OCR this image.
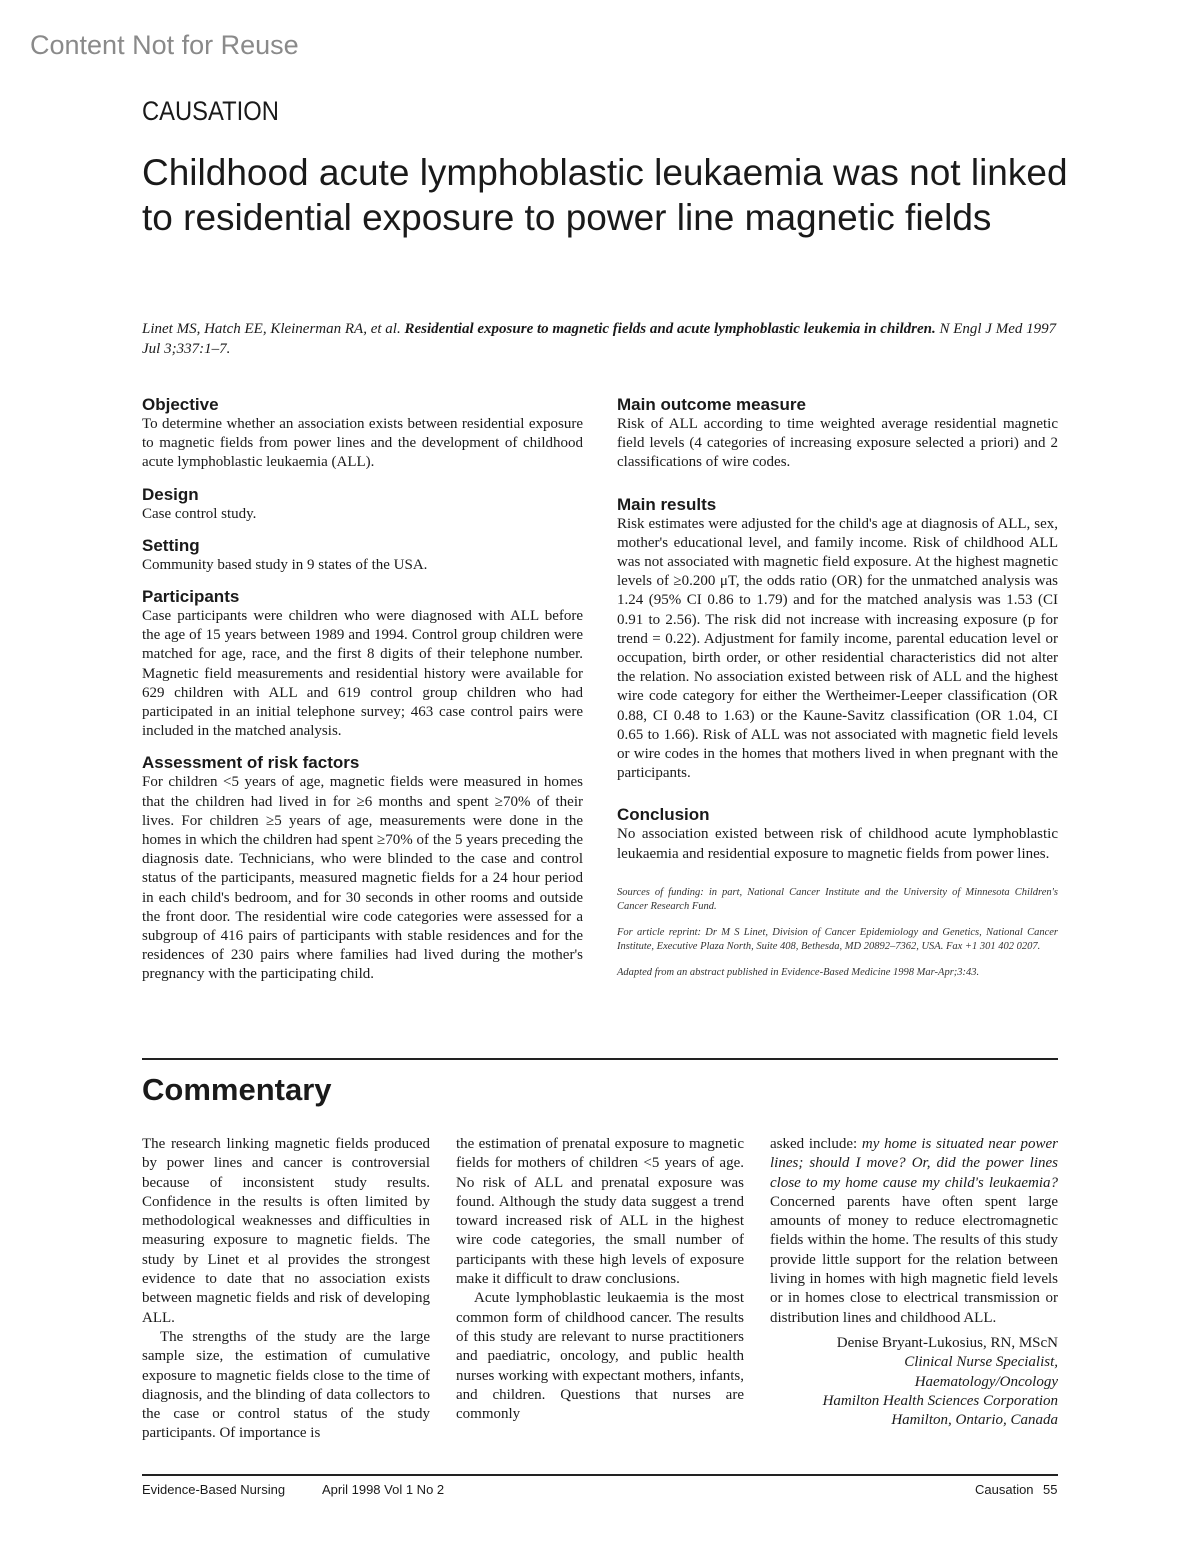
Content Not for Reuse
CAUSATION
Childhood acute lymphoblastic leukaemia was not linked to residential exposure to power line magnetic fields
Linet MS, Hatch EE, Kleinerman RA, et al. Residential exposure to magnetic fields and acute lymphoblastic leukemia in children. N Engl J Med 1997 Jul 3;337:1–7.
Objective

To determine whether an association exists between residential exposure to magnetic fields from power lines and the development of childhood acute lymphoblastic leukaemia (ALL).

Design

Case control study.

Setting

Community based study in 9 states of the USA.

Participants

Case participants were children who were diagnosed with ALL before the age of 15 years between 1989 and 1994. Control group children were matched for age, race, and the first 8 digits of their telephone number. Magnetic field measurements and residential history were available for 629 children with ALL and 619 control group children who had participated in an initial telephone survey; 463 case control pairs were included in the matched analysis.

Assessment of risk factors

For children <5 years of age, magnetic fields were measured in homes that the children had lived in for ≥6 months and spent ≥70% of their lives. For children ≥5 years of age, measurements were done in the homes in which the children had spent ≥70% of the 5 years preceding the diagnosis date. Technicians, who were blinded to the case and control status of the participants, measured magnetic fields for a 24 hour period in each child's bedroom, and for 30 seconds in other rooms and outside the front door. The residential wire code categories were assessed for a subgroup of 416 pairs of participants with stable residences and for the residences of 230 pairs where families had lived during the mother's pregnancy with the participating child.

Main outcome measure

Risk of ALL according to time weighted average residential magnetic field levels (4 categories of increasing exposure selected a priori) and 2 classifications of wire codes.

Main results

Risk estimates were adjusted for the child's age at diagnosis of ALL, sex, mother's educational level, and family income. Risk of childhood ALL was not associated with magnetic field exposure. At the highest magnetic levels of ≥0.200 μT, the odds ratio (OR) for the unmatched analysis was 1.24 (95% CI 0.86 to 1.79) and for the matched analysis was 1.53 (CI 0.91 to 2.56). The risk did not increase with increasing exposure (p for trend = 0.22). Adjustment for family income, parental education level or occupation, birth order, or other residential characteristics did not alter the relation. No association existed between risk of ALL and the highest wire code category for either the Wertheimer-Leeper classification (OR 0.88, CI 0.48 to 1.63) or the Kaune-Savitz classification (OR 1.04, CI 0.65 to 1.66). Risk of ALL was not associated with magnetic field levels or wire codes in the homes that mothers lived in when pregnant with the participants.

Conclusion

No association existed between risk of childhood acute lymphoblastic leukaemia and residential exposure to magnetic fields from power lines.

Sources of funding: in part, National Cancer Institute and the University of Minnesota Children's Cancer Research Fund.

For article reprint: Dr M S Linet, Division of Cancer Epidemiology and Genetics, National Cancer Institute, Executive Plaza North, Suite 408, Bethesda, MD 20892–7362, USA. Fax +1 301 402 0207.

Adapted from an abstract published in Evidence-Based Medicine 1998 Mar-Apr;3:43.

Commentary

The research linking magnetic fields produced by power lines and cancer is controversial because of inconsistent study results. Confidence in the results is often limited by methodological weaknesses and difficulties in measuring exposure to magnetic fields. The study by Linet et al provides the strongest evidence to date that no association exists between magnetic fields and risk of developing ALL.

The strengths of the study are the large sample size, the estimation of cumulative exposure to magnetic fields close to the time of diagnosis, and the blinding of data collectors to the case or control status of the study participants. Of importance is

the estimation of prenatal exposure to magnetic fields for mothers of children <5 years of age. No risk of ALL and prenatal exposure was found. Although the study data suggest a trend toward increased risk of ALL in the highest wire code categories, the small number of participants with these high levels of exposure make it difficult to draw conclusions.

Acute lymphoblastic leukaemia is the most common form of childhood cancer. The results of this study are relevant to nurse practitioners and paediatric, oncology, and public health nurses working with expectant mothers, infants, and children. Questions that nurses are commonly

asked include: my home is situated near power lines; should I move? Or, did the power lines close to my home cause my child's leukaemia? Concerned parents have often spent large amounts of money to reduce electromagnetic fields within the home. The results of this study provide little support for the relation between living in homes with high magnetic field levels or in homes close to electrical transmission or distribution lines and childhood ALL.

Denise Bryant-Lukosius, RN, MScN
Clinical Nurse Specialist,
Haematology/Oncology
Hamilton Health Sciences Corporation
Hamilton, Ontario, Canada
Evidence-Based Nursing	April 1998 Vol 1 No 2	Causation 55
